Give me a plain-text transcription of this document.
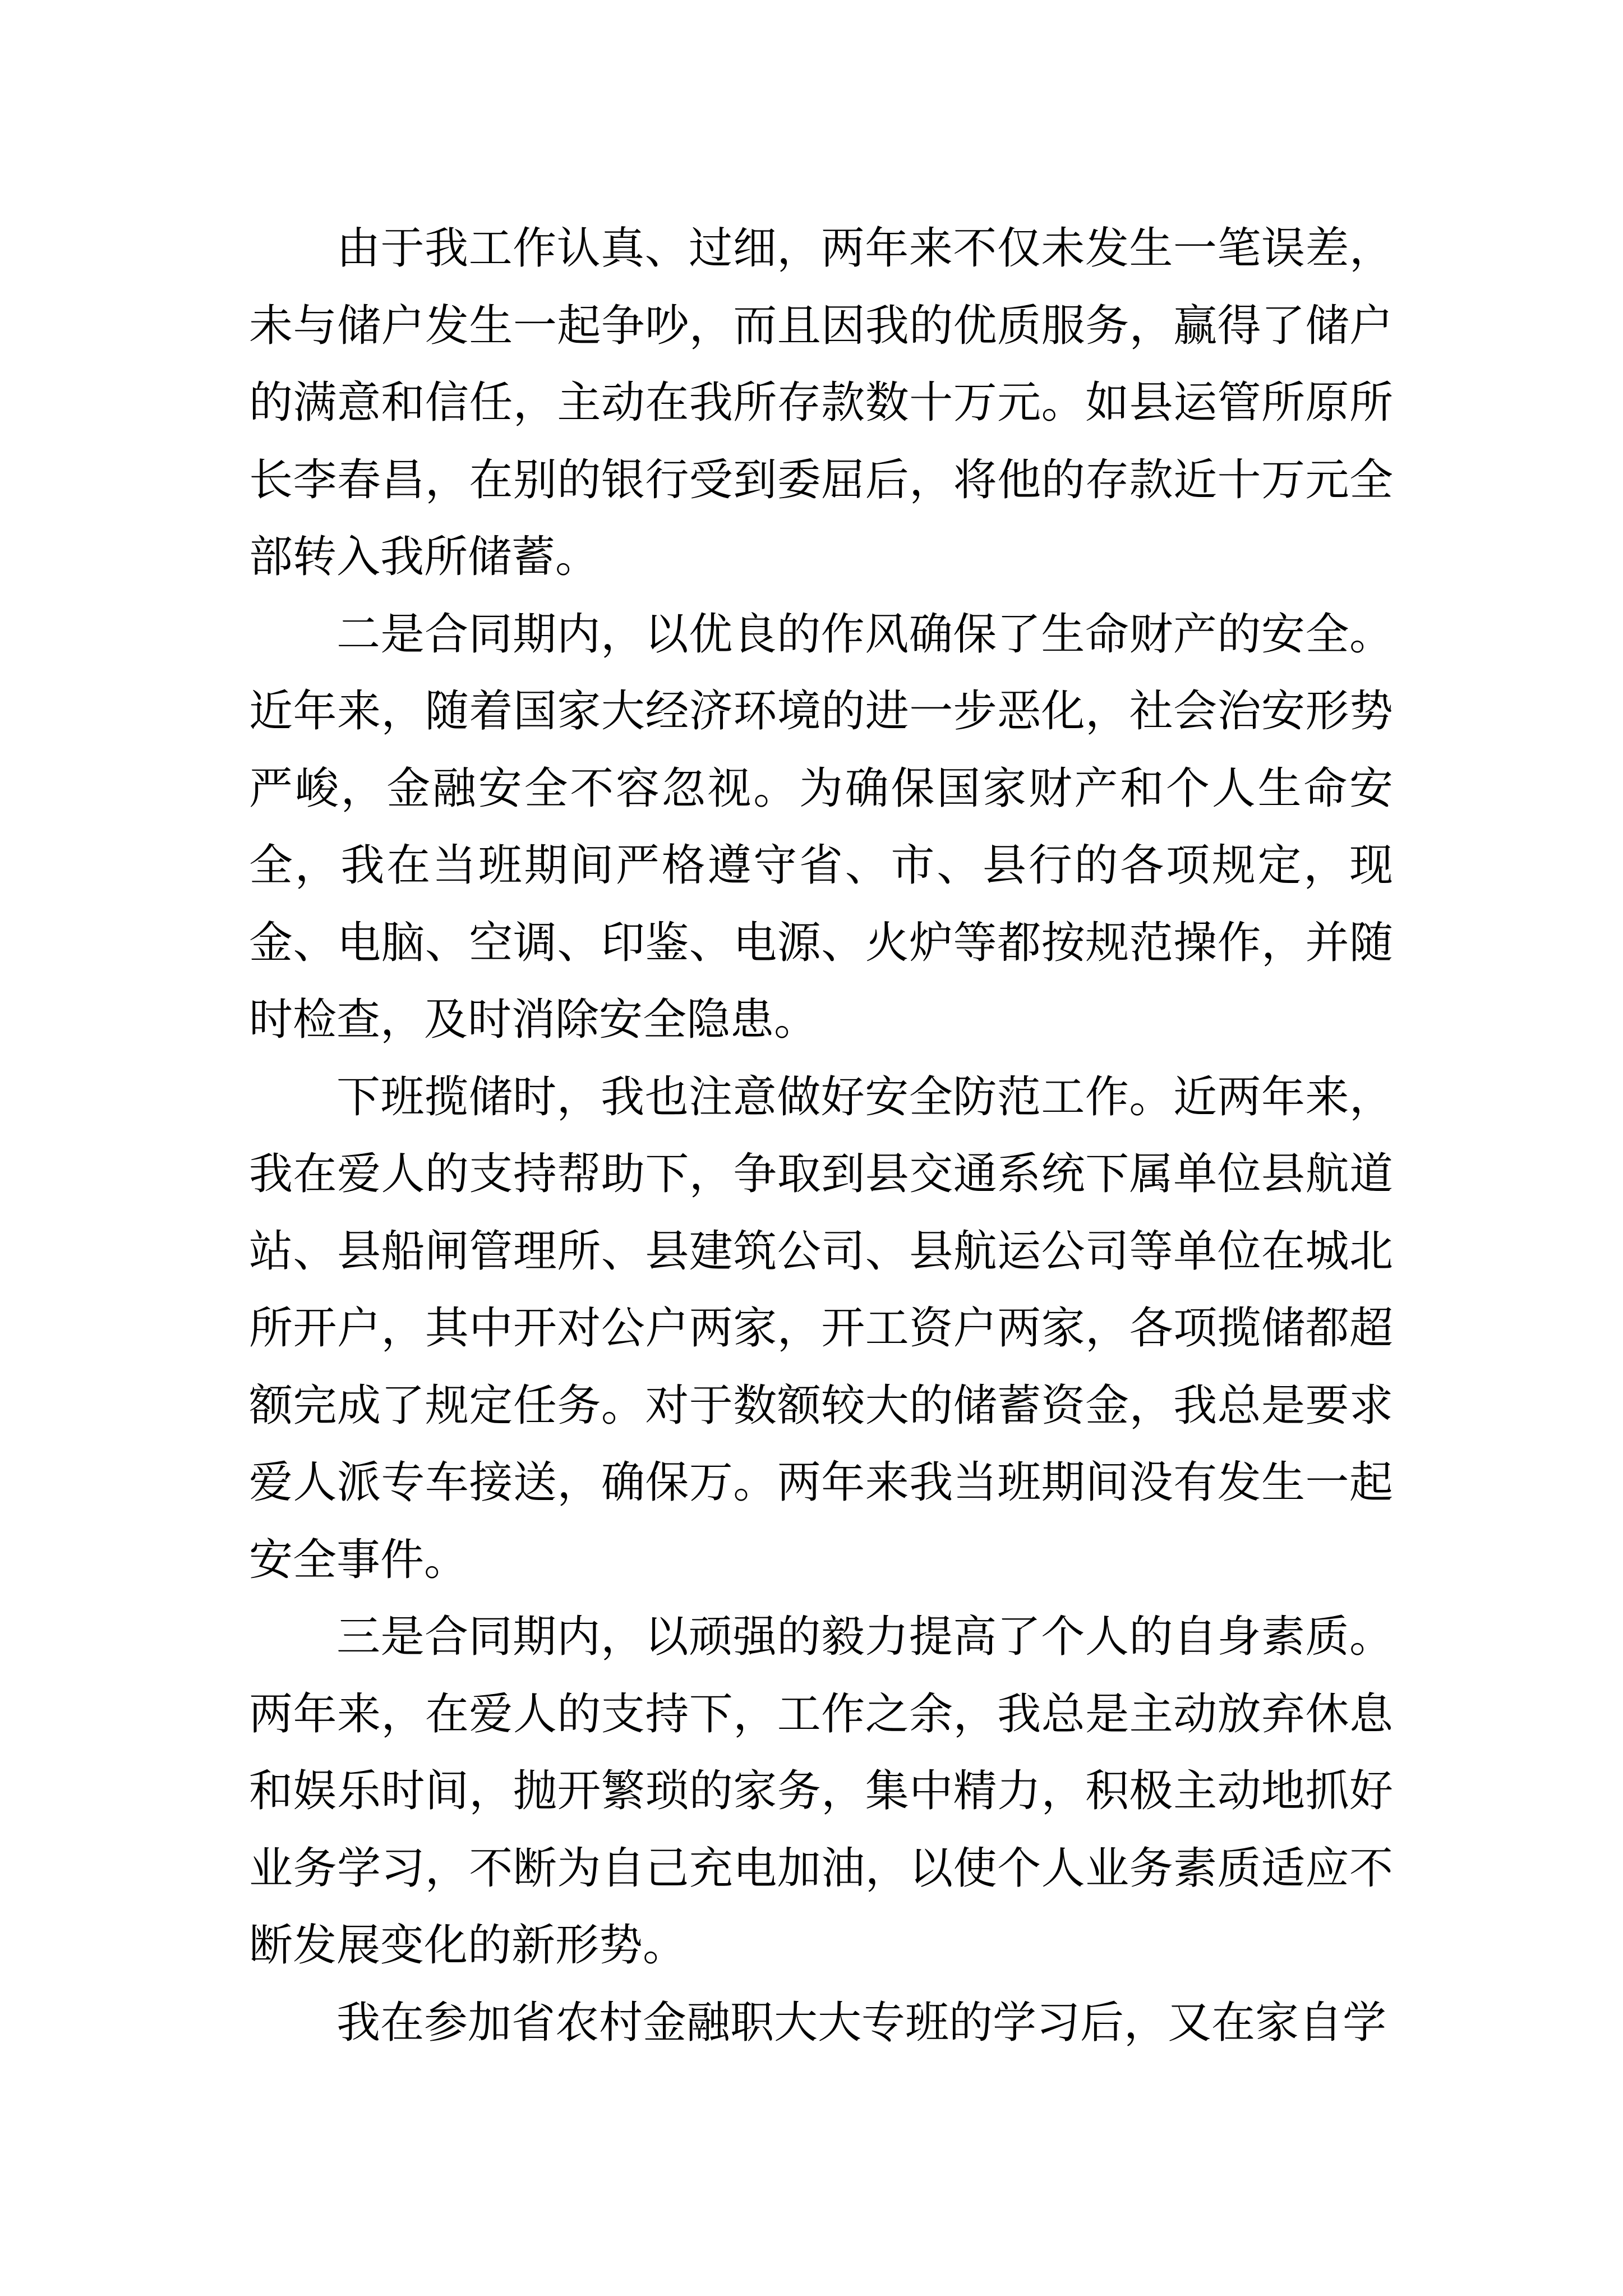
由于我工作认真、过细，两年来不仅未发生一笔误差，未与储户发生一起争吵，而且因我的优质服务，赢得了储户的满意和信任，主动在我所存款数十万元。如县运管所原所长李春昌，在别的银行受到委屈后，将他的存款近十万元全部转入我所储蓄。

二是合同期内，以优良的作风确保了生命财产的安全。近年来，随着国家大经济环境的进一步恶化，社会治安形势严峻，金融安全不容忽视。为确保国家财产和个人生命安全，我在当班期间严格遵守省、市、县行的各项规定，现金、电脑、空调、印鉴、电源、火炉等都按规范操作，并随时检查，及时消除安全隐患。

下班揽储时，我也注意做好安全防范工作。近两年来，我在爱人的支持帮助下，争取到县交通系统下属单位县航道站、县船闸管理所、县建筑公司、县航运公司等单位在城北所开户，其中开对公户两家，开工资户两家，各项揽储都超额完成了规定任务。对于数额较大的储蓄资金，我总是要求爱人派专车接送，确保万。两年来我当班期间没有发生一起安全事件。

三是合同期内，以顽强的毅力提高了个人的自身素质。两年来，在爱人的支持下，工作之余，我总是主动放弃休息和娱乐时间，抛开繁琐的家务，集中精力，积极主动地抓好业务学习，不断为自己充电加油，以使个人业务素质适应不断发展变化的新形势。

我在参加省农村金融职大大专班的学习后，又在家自学
